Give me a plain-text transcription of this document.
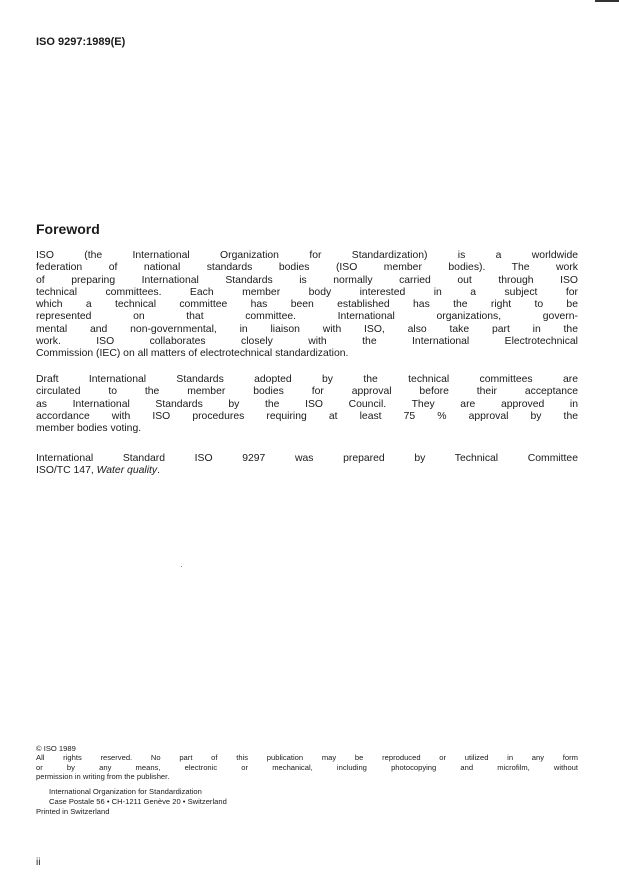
ISO 9297:1989(E)
Foreword
ISO (the International Organization for Standardization) is a worldwide
federation of national standards bodies (ISO member bodies). The work
of preparing International Standards is normally carried out through ISO
technical committees. Each member body interested in a subject for
which a technical committee has been established has the right to be
represented on that committee. International organizations, govern-
mental and non-governmental, in liaison with ISO, also take part in the
work. ISO collaborates closely with the International Electrotechnical
Commission (IEC) on all matters of electrotechnical standardization.
Draft International Standards adopted by the technical committees are
circulated to the member bodies for approval before their acceptance
as International Standards by the ISO Council. They are approved in
accordance with ISO procedures requiring at least 75 % approval by the
member bodies voting.
International Standard ISO 9297 was prepared by Technical Committee
ISO/TC 147, Water quality.
© ISO 1989
All rights reserved. No part of this publication may be reproduced or utilized in any form
or by any means, electronic or mechanical, including photocopying and microfilm, without
permission in writing from the publisher.
International Organization for Standardization
Case Postale 56 • CH-1211 Genève 20 • Switzerland
Printed in Switzerland
ii
